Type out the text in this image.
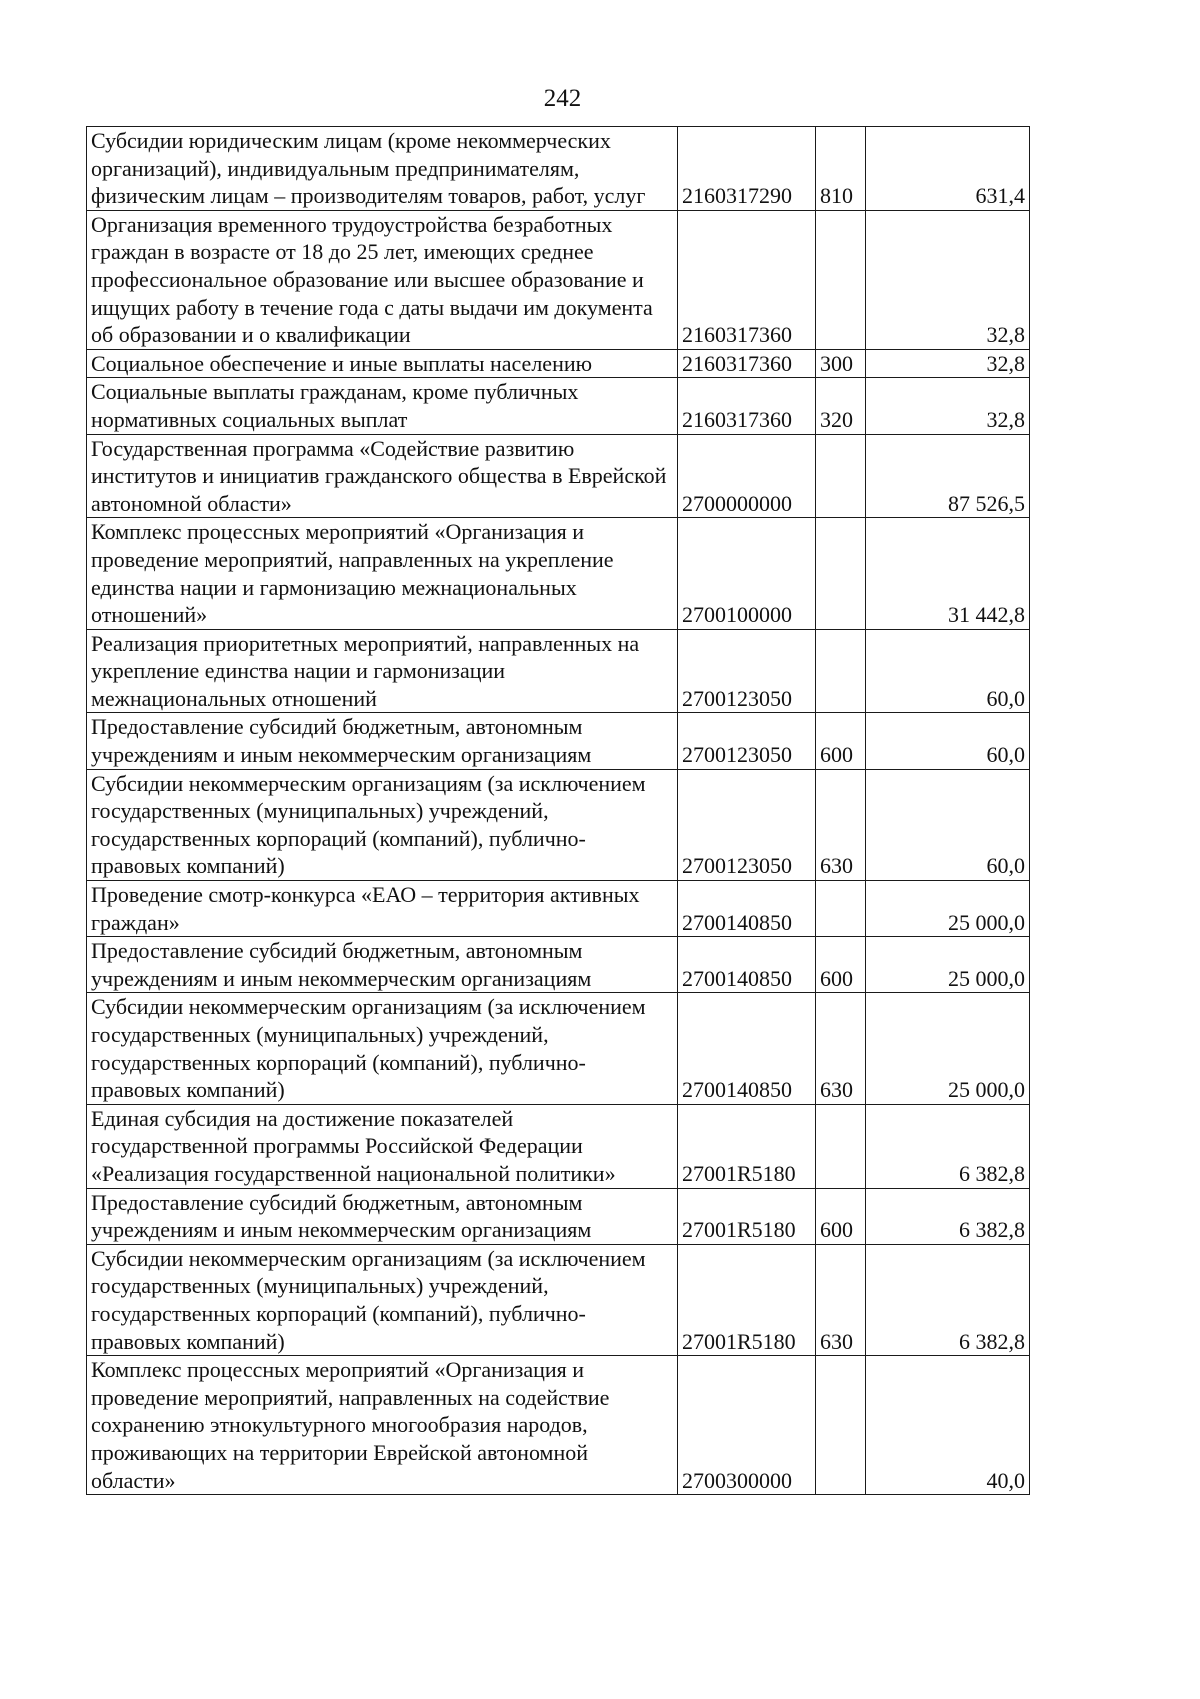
242
Субсидии юридическим лицам (кроме некоммерческих организаций), индивидуальным предпринимателям, физическим лицам – производителям товаров, работ, услуг	2160317290	810	631,4
Организация временного трудоустройства безработных граждан в возрасте от 18 до 25 лет, имеющих среднее профессиональное образование или высшее образование и ищущих работу в течение года с даты выдачи им документа об образовании и о квалификации	2160317360		32,8
Социальное обеспечение и иные выплаты населению	2160317360	300	32,8
Социальные выплаты гражданам, кроме публичных нормативных социальных выплат	2160317360	320	32,8
Государственная программа «Содействие развитию институтов и инициатив гражданского общества в Еврейской автономной области»	2700000000		87 526,5
Комплекс процессных мероприятий «Организация и проведение мероприятий, направленных на укрепление единства нации и гармонизацию межнациональных отношений»	2700100000		31 442,8
Реализация приоритетных мероприятий, направленных на укрепление единства нации и гармонизации межнациональных отношений	2700123050		60,0
Предоставление субсидий бюджетным, автономным учреждениям и иным некоммерческим организациям	2700123050	600	60,0
Субсидии некоммерческим организациям (за исключением государственных (муниципальных) учреждений, государственных корпораций (компаний), публично-правовых компаний)	2700123050	630	60,0
Проведение смотр-конкурса «ЕАО – территория активных граждан»	2700140850		25 000,0
Предоставление субсидий бюджетным, автономным учреждениям и иным некоммерческим организациям	2700140850	600	25 000,0
Субсидии некоммерческим организациям (за исключением государственных (муниципальных) учреждений, государственных корпораций (компаний), публично-правовых компаний)	2700140850	630	25 000,0
Единая субсидия на достижение показателей государственной программы Российской Федерации «Реализация государственной национальной политики»	27001R5180		6 382,8
Предоставление субсидий бюджетным, автономным учреждениям и иным некоммерческим организациям	27001R5180	600	6 382,8
Субсидии некоммерческим организациям (за исключением государственных (муниципальных) учреждений, государственных корпораций (компаний), публично-правовых компаний)	27001R5180	630	6 382,8
Комплекс процессных мероприятий «Организация и проведение мероприятий, направленных на содействие сохранению этнокультурного многообразия народов, проживающих на территории Еврейской автономной области»	2700300000		40,0
